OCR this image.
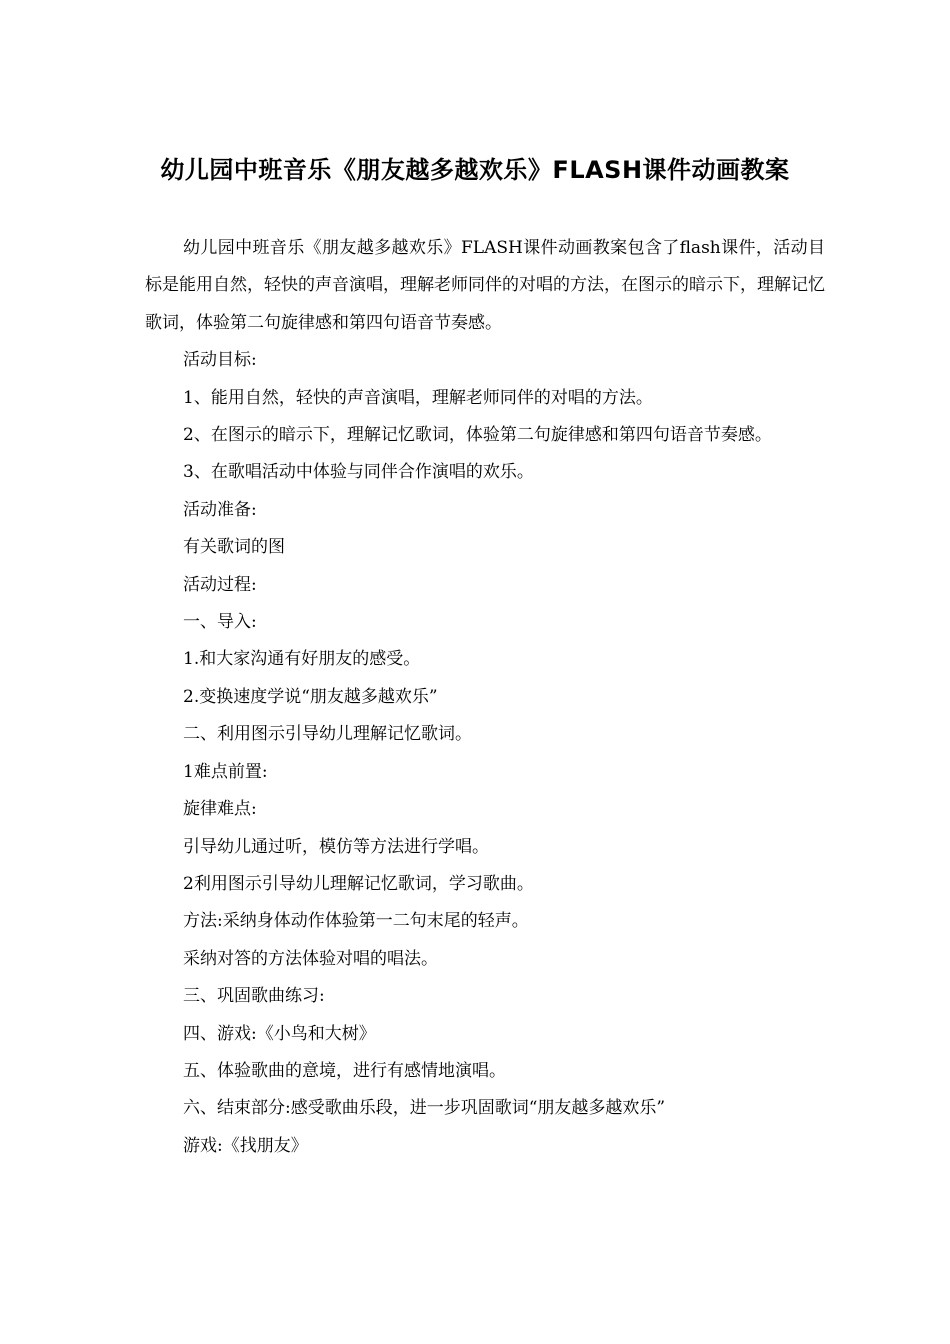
幼儿园中班音乐《朋友越多越欢乐》FLASH课件动画教案

幼儿园中班音乐《朋友越多越欢乐》FLASH课件动画教案包含了flash课件，活动目标是能用自然，轻快的声音演唱，理解老师同伴的对唱的方法，在图示的暗示下，理解记忆歌词，体验第二句旋律感和第四句语音节奏感。

活动目标:

1、能用自然，轻快的声音演唱，理解老师同伴的对唱的方法。

2、在图示的暗示下，理解记忆歌词，体验第二句旋律感和第四句语音节奏感。

3、在歌唱活动中体验与同伴合作演唱的欢乐。

活动准备:

有关歌词的图

活动过程:

一、导入:

1.和大家沟通有好朋友的感受。

2.变换速度学说“朋友越多越欢乐”

二、利用图示引导幼儿理解记忆歌词。

1难点前置:

旋律难点:

引导幼儿通过听，模仿等方法进行学唱。

2利用图示引导幼儿理解记忆歌词，学习歌曲。

方法:采纳身体动作体验第一二句末尾的轻声。

采纳对答的方法体验对唱的唱法。

三、巩固歌曲练习:

四、游戏:《小鸟和大树》

五、体验歌曲的意境，进行有感情地演唱。

六、结束部分:感受歌曲乐段，进一步巩固歌词“朋友越多越欢乐”

游戏:《找朋友》
